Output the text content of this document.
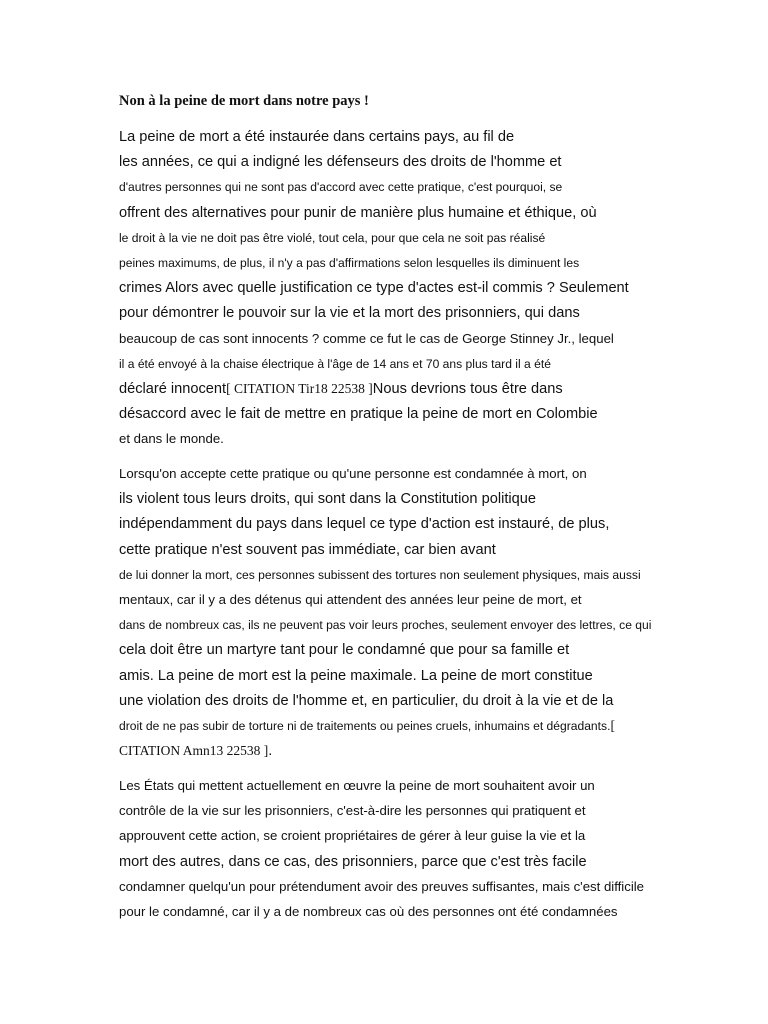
Non à la peine de mort dans notre pays !
La peine de mort a été instaurée dans certains pays, au fil de
les années, ce qui a indigné les défenseurs des droits de l'homme et
d'autres personnes qui ne sont pas d'accord avec cette pratique, c'est pourquoi, se
offrent des alternatives pour punir de manière plus humaine et éthique, où
le droit à la vie ne doit pas être violé, tout cela, pour que cela ne soit pas réalisé
peines maximums, de plus, il n'y a pas d'affirmations selon lesquelles ils diminuent les
crimes Alors avec quelle justification ce type d'actes est-il commis ? Seulement
pour démontrer le pouvoir sur la vie et la mort des prisonniers, qui dans
beaucoup de cas sont innocents ? comme ce fut le cas de George Stinney Jr., lequel
il a été envoyé à la chaise électrique à l'âge de 14 ans et 70 ans plus tard il a été
déclaré innocent[ CITATION Tir18 22538 ]Nous devrions tous être dans
désaccord avec le fait de mettre en pratique la peine de mort en Colombie
et dans le monde.
Lorsqu'on accepte cette pratique ou qu'une personne est condamnée à mort, on
ils violent tous leurs droits, qui sont dans la Constitution politique
indépendamment du pays dans lequel ce type d'action est instauré, de plus,
cette pratique n'est souvent pas immédiate, car bien avant
de lui donner la mort, ces personnes subissent des tortures non seulement physiques, mais aussi
mentaux, car il y a des détenus qui attendent des années leur peine de mort, et
dans de nombreux cas, ils ne peuvent pas voir leurs proches, seulement envoyer des lettres, ce qui
cela doit être un martyre tant pour le condamné que pour sa famille et
amis. La peine de mort est la peine maximale. La peine de mort constitue
une violation des droits de l'homme et, en particulier, du droit à la vie et de la
droit de ne pas subir de torture ni de traitements ou peines cruels, inhumains et dégradants.[
CITATION Amn13 22538 ].
Les États qui mettent actuellement en œuvre la peine de mort souhaitent avoir un
contrôle de la vie sur les prisonniers, c'est-à-dire les personnes qui pratiquent et
approuvent cette action, se croient propriétaires de gérer à leur guise la vie et la
mort des autres, dans ce cas, des prisonniers, parce que c'est très facile
condamner quelqu'un pour prétendument avoir des preuves suffisantes, mais c'est difficile
pour le condamné, car il y a de nombreux cas où des personnes ont été condamnées
